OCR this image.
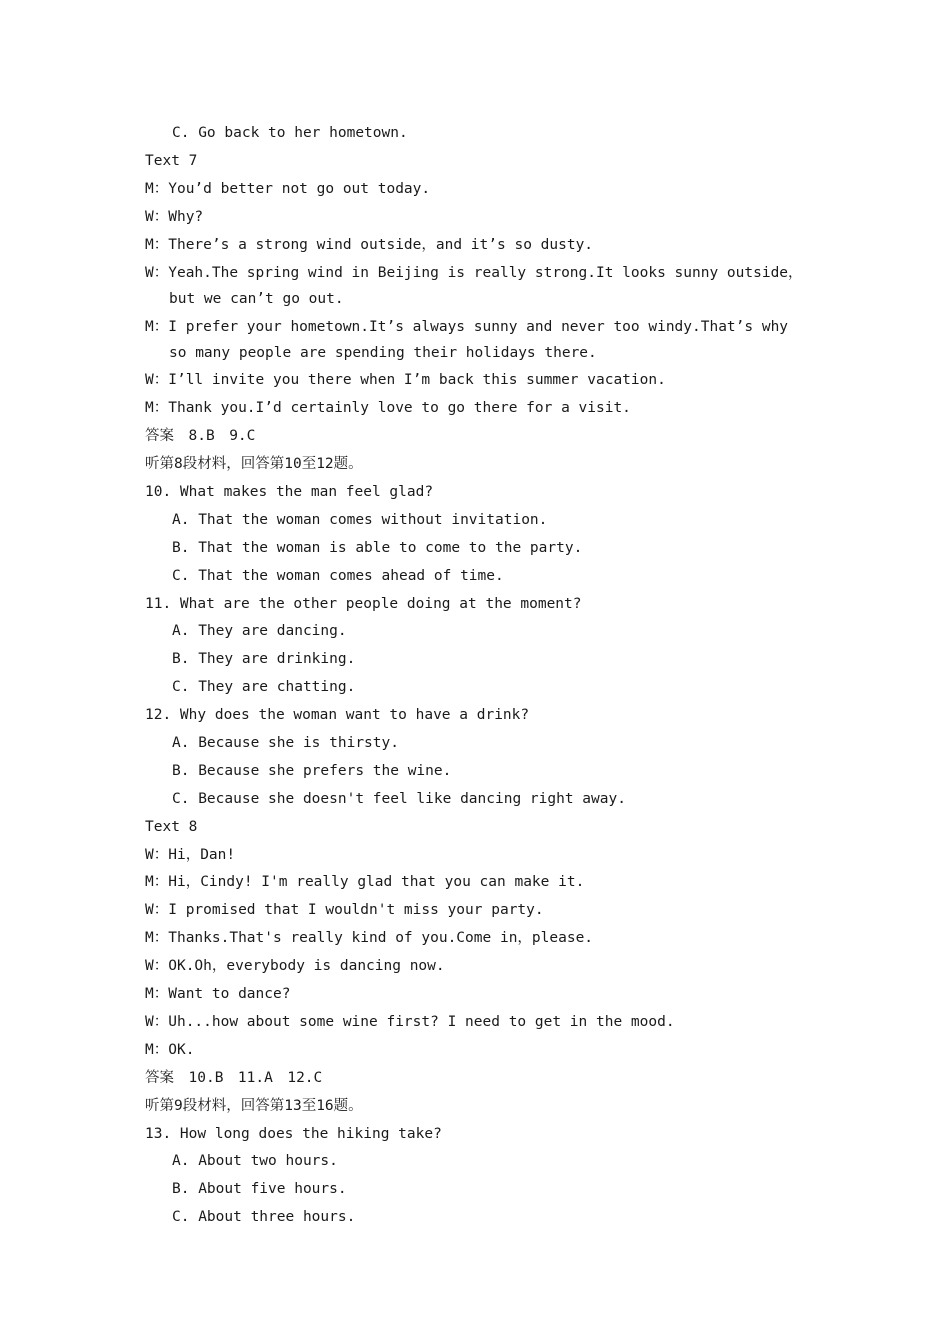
C. Go back to her hometown.
Text 7
M：You’d better not go out today.
W：Why?
M：There’s a strong wind outside，and it’s so dusty.
W：Yeah.The spring wind in Beijing is really strong.It looks sunny outside，but we can’t go out.
M：I prefer your hometown.It’s always sunny and never too windy.That’s why so many people are spending their holidays there.
W：I’ll invite you there when I’m back this summer vacation.
M：Thank you.I’d certainly love to go there for a visit.
答案　8.B　9.C
听第8段材料，回答第10至12题。
10. What makes the man feel glad?
A. That the woman comes without invitation.
B. That the woman is able to come to the party.
C. That the woman comes ahead of time.
11. What are the other people doing at the moment?
A. They are dancing.
B. They are drinking.
C. They are chatting.
12. Why does the woman want to have a drink?
A. Because she is thirsty.
B. Because she prefers the wine.
C. Because she doesn't feel like dancing right away.
Text 8
W：Hi，Dan!
M：Hi，Cindy! I'm really glad that you can make it.
W：I promised that I wouldn't miss your party.
M：Thanks.That's really kind of you.Come in，please.
W：OK.Oh，everybody is dancing now.
M：Want to dance?
W：Uh...how about some wine first? I need to get in the mood.
M：OK.
答案　10.B　11.A　12.C
听第9段材料，回答第13至16题。
13. How long does the hiking take?
A. About two hours.
B. About five hours.
C. About three hours.
